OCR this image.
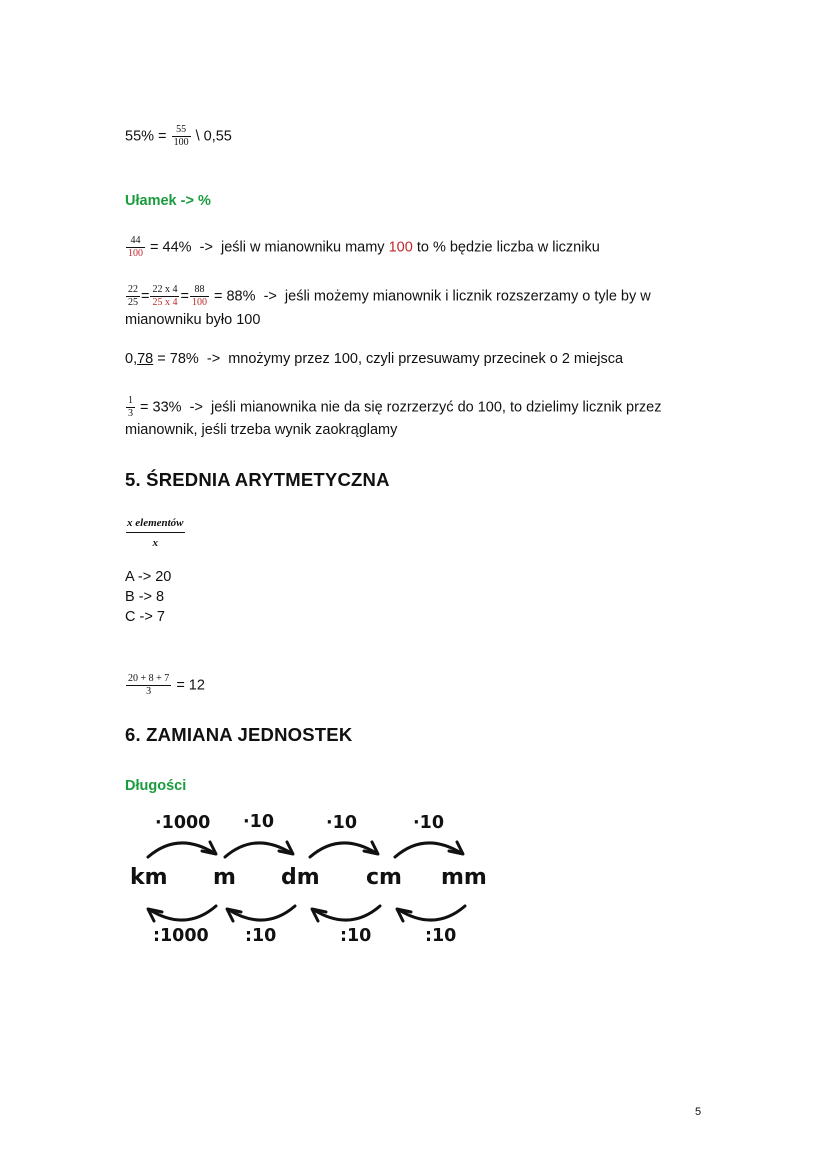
$55\% = \frac{55}{100}$ \ 0,55
Ułamek -> %
$\frac{44}{100} = 44\%$ -> jeśli w mianowniku mamy 100 to % będzie liczba w liczniku
$\frac{22}{25} = \frac{22 x 4}{25 x 4} = \frac{88}{100} = 88\%$ -> jeśli możemy mianownik i licznik rozszerzamy o tyle by w
mianowniku było 100
0,78 = 78% -> mnożymy przez 100, czyli przesuwamy przecinek o 2 miejsca
$\frac{1}{3} = 33\%$ -> jeśli mianownika nie da się rozrzerzyć do 100, to dzielimy licznik przez
mianownik, jeśli trzeba wynik zaokrąglamy
5. ŚREDNIA ARYTMETYCZNA
$\frac{\text{x elementów}}{x}$
A -> 20
B -> 8
C -> 7
$\frac{20 + 8 + 7}{3} = 12$
6. ZAMIANA JEDNOSTEK
Długości
·1000 ·10	·10	·10
km m dm cm mm
:1000 :10	:10	:10
5
